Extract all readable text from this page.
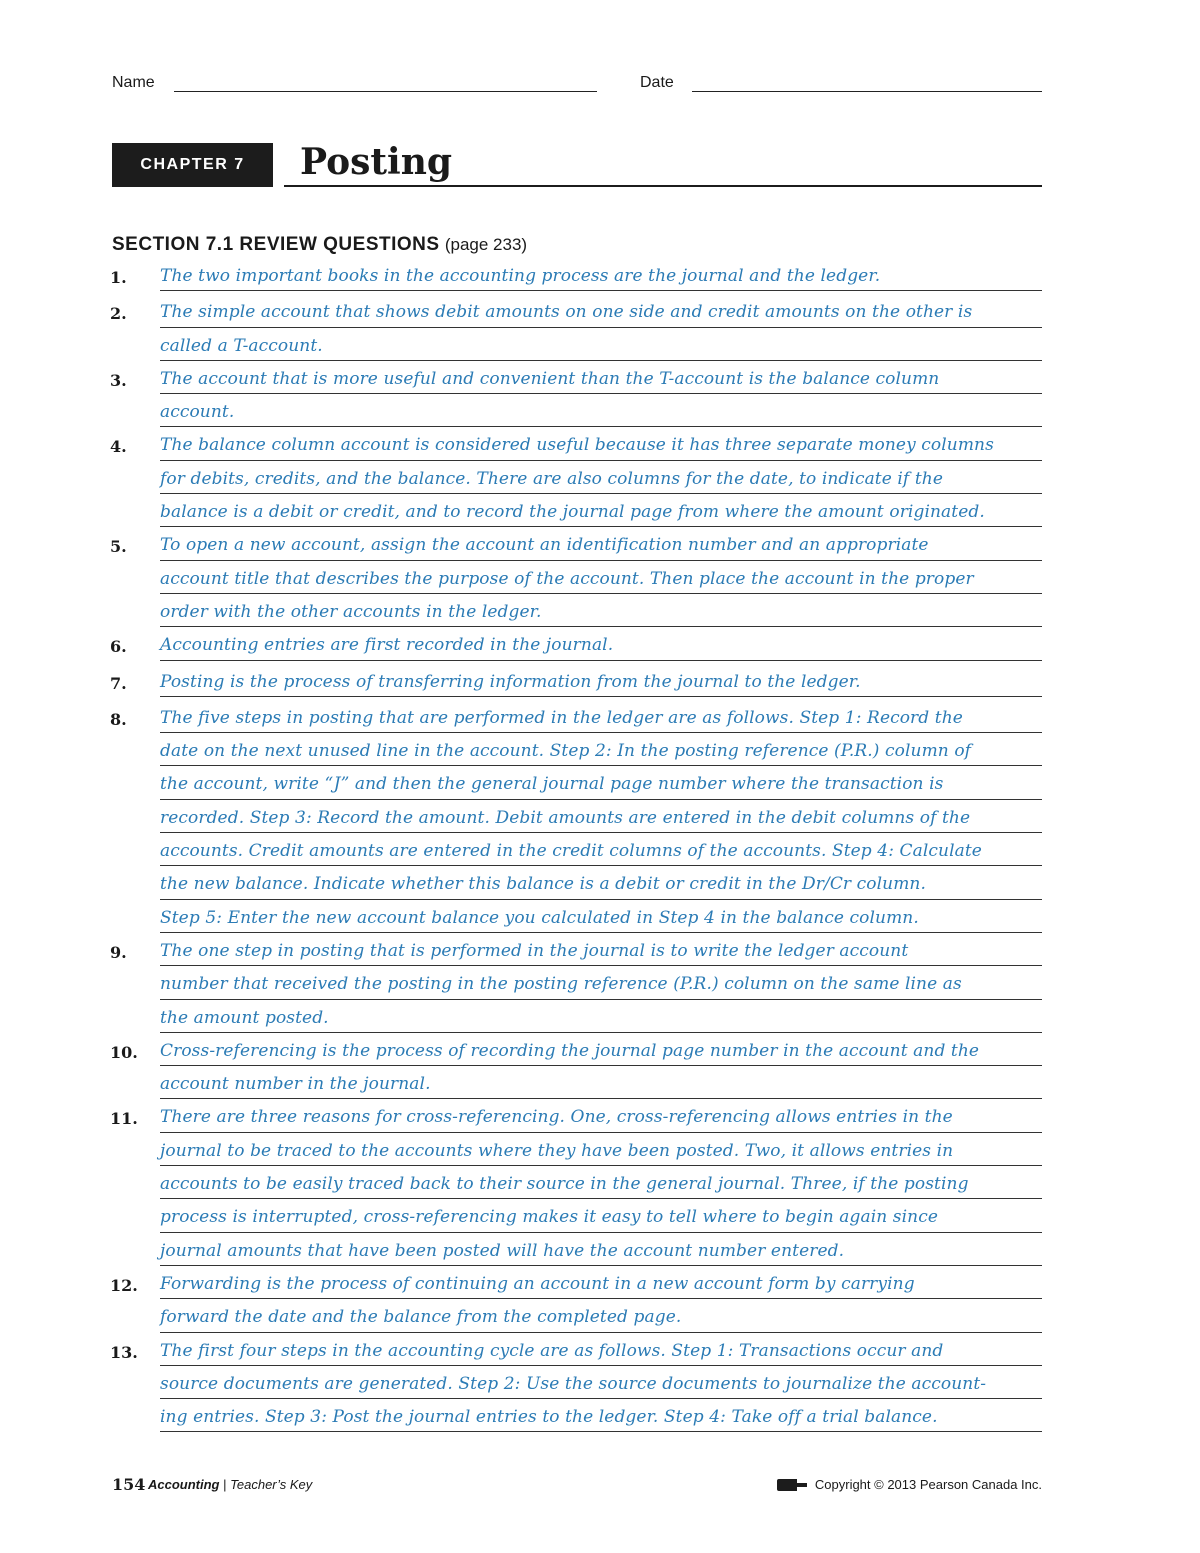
Name	Date
CHAPTER 7	Posting
SECTION 7.1 REVIEW QUESTIONS (page 233)
1.	The two important books in the accounting process are the journal and the ledger.
2.	The simple account that shows debit amounts on one side and credit amounts on the other is
called a T-account.
3.	The account that is more useful and convenient than the T-account is the balance column
account.
4.	The balance column account is considered useful because it has three separate money columns
for debits, credits, and the balance. There are also columns for the date, to indicate if the
balance is a debit or credit, and to record the journal page from where the amount originated.
5.	To open a new account, assign the account an identification number and an appropriate
account title that describes the purpose of the account. Then place the account in the proper
order with the other accounts in the ledger.
6.	Accounting entries are first recorded in the journal.
7.	Posting is the process of transferring information from the journal to the ledger.
8.	The five steps in posting that are performed in the ledger are as follows. Step 1: Record the
date on the next unused line in the account. Step 2: In the posting reference (P.R.) column of
the account, write “J” and then the general journal page number where the transaction is
recorded. Step 3: Record the amount. Debit amounts are entered in the debit columns of the
accounts. Credit amounts are entered in the credit columns of the accounts. Step 4: Calculate
the new balance. Indicate whether this balance is a debit or credit in the Dr/Cr column.
Step 5: Enter the new account balance you calculated in Step 4 in the balance column.
9.	The one step in posting that is performed in the journal is to write the ledger account
number that received the posting in the posting reference (P.R.) column on the same line as
the amount posted.
10.	Cross-referencing is the process of recording the journal page number in the account and the
account number in the journal.
11.	There are three reasons for cross-referencing. One, cross-referencing allows entries in the
journal to be traced to the accounts where they have been posted. Two, it allows entries in
accounts to be easily traced back to their source in the general journal. Three, if the posting
process is interrupted, cross-referencing makes it easy to tell where to begin again since
journal amounts that have been posted will have the account number entered.
12.	Forwarding is the process of continuing an account in a new account form by carrying
forward the date and the balance from the completed page.
13.	The first four steps in the accounting cycle are as follows. Step 1: Transactions occur and
source documents are generated. Step 2: Use the source documents to journalize the account-
ing entries. Step 3: Post the journal entries to the ledger. Step 4: Take off a trial balance.
154 Accounting | Teacher’s Key	Copyright © 2013 Pearson Canada Inc.
